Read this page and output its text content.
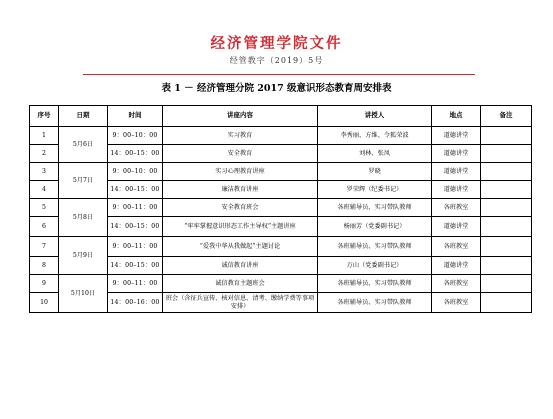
经济管理学院文件
经管教字（2019）5号
表 1 － 经济管理分院 2017 级意识形态教育周安排表
序号	日期	时间	讲座内容	讲授人	地点	备注
1	5月6日	9：00–10：00	实习教育	李秀丽、方维、令狐荣波	道德讲堂	
2		14：00–15：00	安全教育	刘林、张凤	道德讲堂	
3	5月7日	9：00–10：00	实习心理教育讲座	罗晓	道德讲堂	
4		14：00–15：00	廉洁教育讲座	罗荣辉（纪委书记）	道德讲堂	
5	5月8日	9：00–11：00	安全教育班会	各班辅导员、实习带队教师	各班教室	
6		14：00–15：00	“牢牢掌握意识形态工作主导权”主题讲座	杨丽芳（党委副书记）	道德讲堂	
7	5月9日	9：00–11：00	“爱我中华从我做起”主题讨论	各班辅导员、实习带队教师	各班教室	
8		14：00–15：00	诚信教育讲座	万山（党委副书记）	道德讲堂	
9	5月10日	9：00–11：00	诚信教育主题班会	各班辅导员、实习带队教师	各班教室	
10		14：00–16：00	班会（含征兵宣传、核对信息、清考、缴纳学费等事项安排）	各班辅导员、实习带队教师	各班教室	
